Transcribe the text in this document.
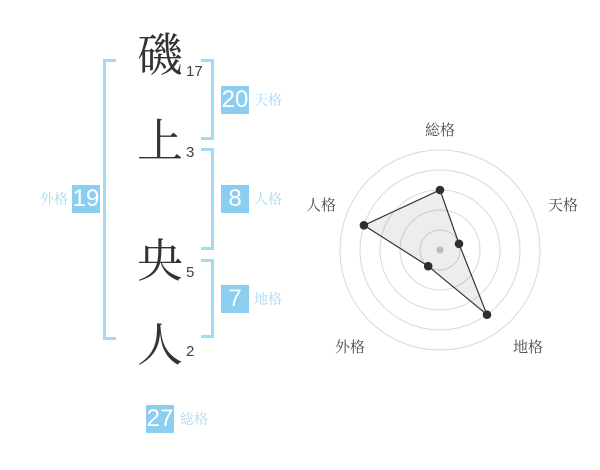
磯 17
上 3
央 5
人 2
20 天格
8 人格
7 地格
外格 19
27 総格
総格
天格
地格
外格
人格
